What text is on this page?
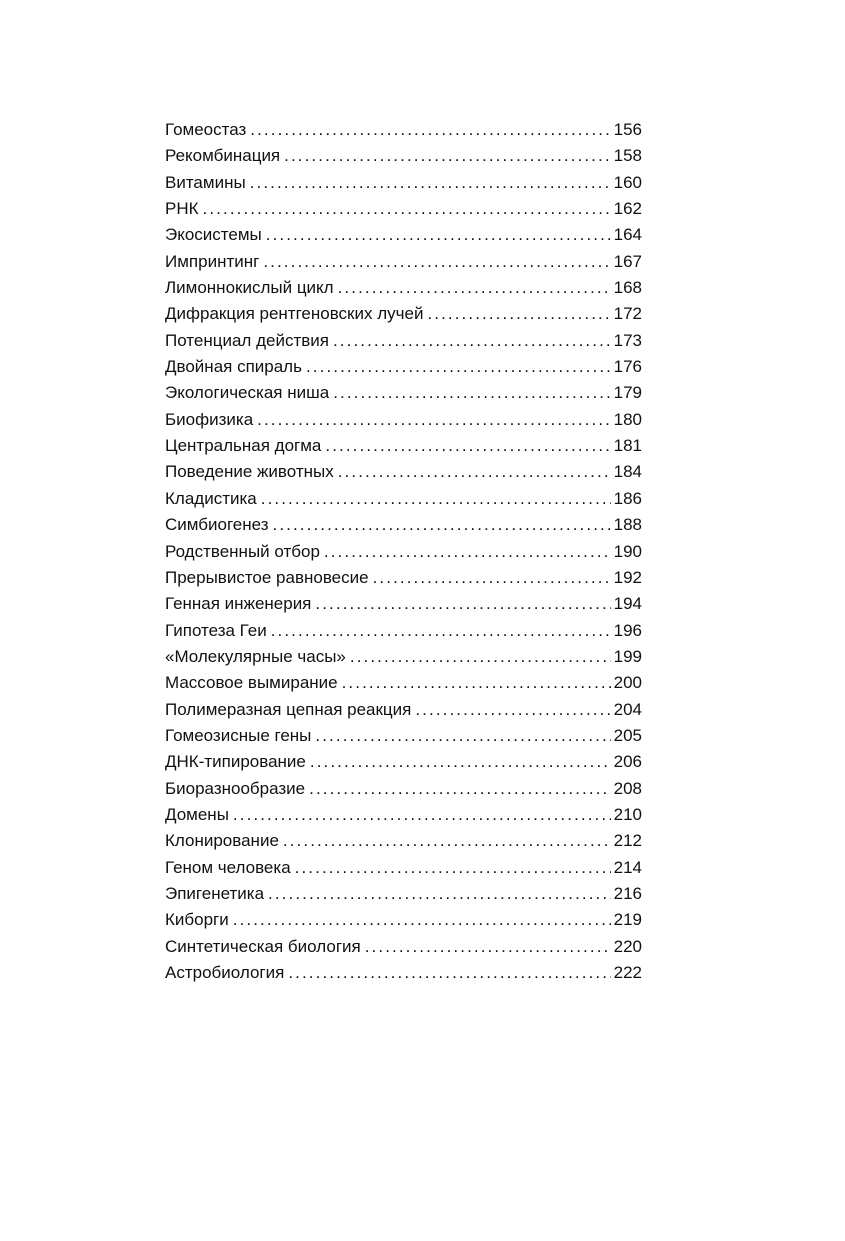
Гомеостаз .....	156
Рекомбинация .....	158
Витамины .....	160
РНК .....	162
Экосистемы .....	164
Импринтинг .....	167
Лимоннокислый цикл .....	168
Дифракция рентгеновских лучей .....	172
Потенциал действия .....	173
Двойная спираль .....	176
Экологическая ниша .....	179
Биофизика .....	180
Центральная догма .....	181
Поведение животных .....	184
Кладистика .....	186
Симбиогенез .....	188
Родственный отбор .....	190
Прерывистое равновесие .....	192
Генная инженерия .....	194
Гипотеза Геи .....	196
«Молекулярные часы» .....	199
Массовое вымирание .....	200
Полимеразная цепная реакция .....	204
Гомеозисные гены .....	205
ДНК-типирование .....	206
Биоразнообразие .....	208
Домены .....	210
Клонирование .....	212
Геном человека .....	214
Эпигенетика .....	216
Киборги .....	219
Синтетическая биология .....	220
Астробиология .....	222
